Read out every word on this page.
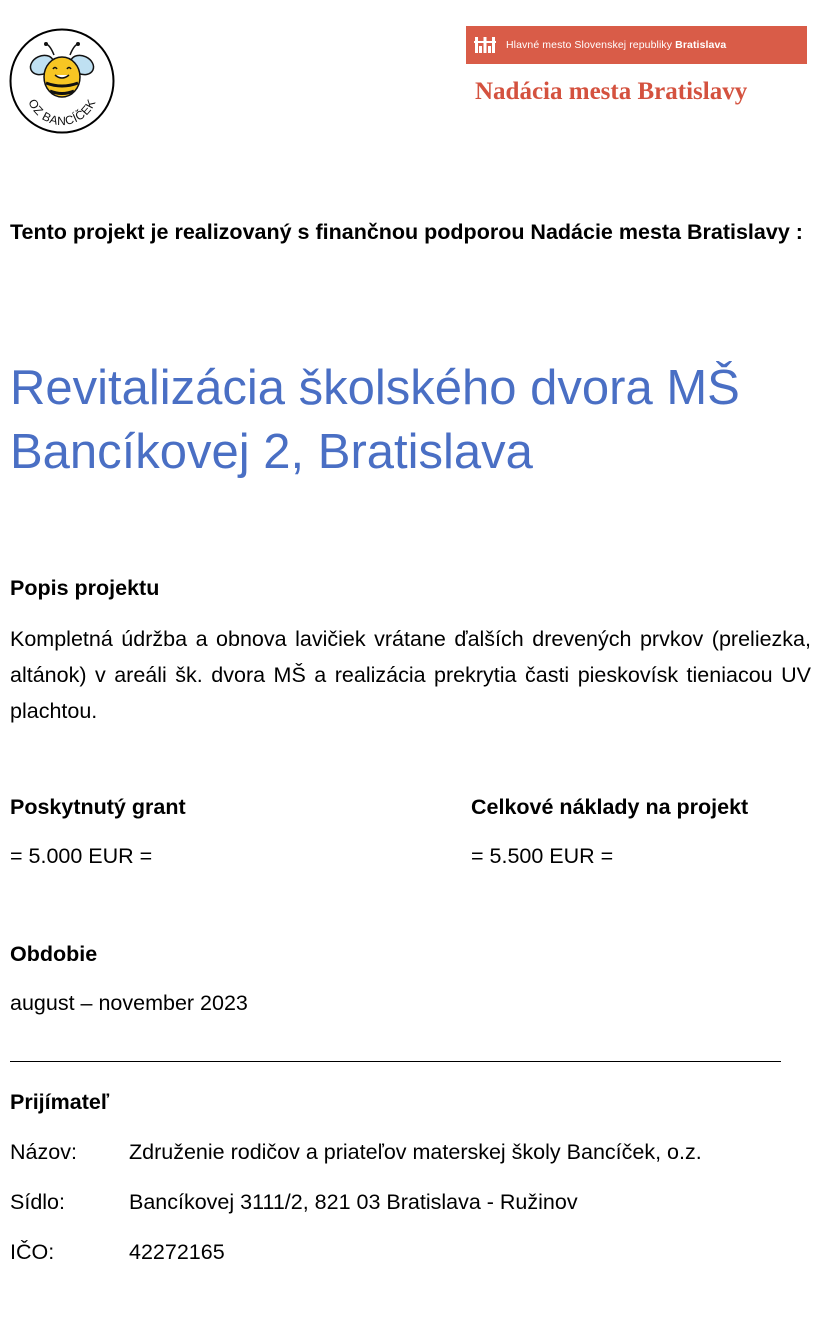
OZ BANCÍČEK
Hlavné mesto Slovenskej republiky Bratislava
Nadácia mesta Bratislavy
Tento projekt je realizovaný s finančnou podporou Nadácie mesta Bratislavy :
Revitalizácia školského dvora MŠ
Bancíkovej 2, Bratislava
Popis projektu
Kompletná údržba a obnova lavičiek vrátane ďalších drevených prvkov (preliezka, altánok) v areáli šk. dvora MŠ a realizácia prekrytia časti pieskovísk tieniacou UV plachtou.
Poskytnutý grant
= 5.000 EUR =
Celkové náklady na projekt
= 5.500 EUR =
Obdobie
august – november 2023
Prijímateľ
Názov: Združenie rodičov a priateľov materskej školy Bancíček, o.z.
Sídlo:	Bancíkovej 3111/2, 821 03 Bratislava - Ružinov
IČO:	42272165
